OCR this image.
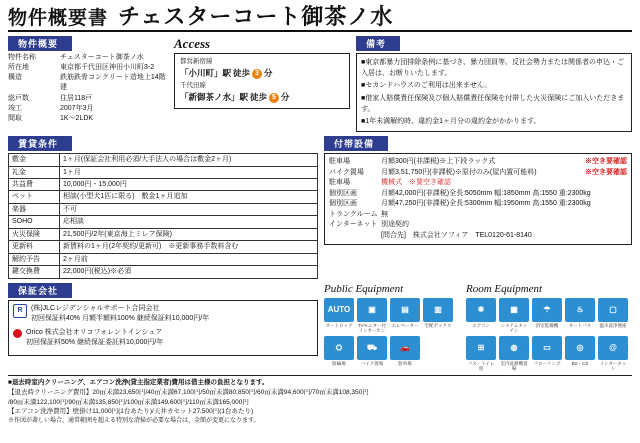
物件概要書 チェスターコート御茶ノ水
物件概要
物件名称	チェスターコート御茶ノ水
所在地	東京都千代田区神田小川町3-2
構造	鉄筋鉄骨コンクリート造地上14階建
総戸数	住居118戸
竣工	2007年3月
間取	1K～2LDK
Access
都営新宿線
「小川町」駅 徒歩 3 分
千代田線
「新御茶ノ水」駅 徒歩 5 分
備考
■東京都暴力団排除条例に基づき、暴力団員等、反社会勢力または関係者の申込・ご入居は、お断りいたします。
■セカンドハウスのご利用は出来ません。
■借家人賠償責任保険及び個人賠償責任保険を付帯した火災保険にご加入いただきます。
■1年未満解約時、違約金1ヶ月分の違約金がかかります。
賃貸条件
敷金	1ヶ月(保証会社利用必須/大手法人の場合は敷金2ヶ月)
礼金	1ヶ月
共益費	10,000円・15,000円
ペット	相談(小型犬1匹に限る)　敷金1ヶ月追加
楽器	不可
SOHO	応相談
火災保険	21,500円/2年(東京海上ミレア保険)
更新料	新賃料の1ヶ月(2年契約/更新可)　※更新事務手数料含む
解約予告	2ヶ月前
鍵交換費	22,000円(税込)※必須
付帯設備
駐車場	月額300円(非課税)※上下段ラック式	※空き要確認
バイク置場	月額3,51,750円(非課税)※原付のみ(屋内置可能料)	※空き要確認
駐車場	機械式　※要空き確認
個別区画	月額42,000円(非課税)全長:5050mm 幅:1850mm 高:1550 重:2300kg
個別区画	月額47,250円(非課税)全長:5300mm 幅:1950mm 高:1550 重:2300kg
トランクルーム 無
インターネット 別途契約
[問合先]　株式会社ソフィア　TEL0120-61-8140
保証会社
R	(株)JLCレジデンシャルサポート合同会社
初回保証料40% 月額半額料100% 継続保証料10,000円/年
Orico 株式会社オリコフォレントインシュア
初回保証料50% 継続保証委託料10,000円/年
Public Equipment
AUTO
オートロック
▣
TVモニター付インターホン
▤
エレベーター
▥
宅配ボックス
⛭
駐輪場
⛟
バイク置場
🚗
駐車場
Room Equipment
❅
エアコン
▦
システムキッチン
☂
浴室乾燥機
♨
オートバス
▢
温水洗浄便座
⊞
バス・トイレ別
◍
室内洗濯機置場
▭
フローリング
◎
BS・CS
@
インターネット
■退去時室内クリーニング、エアコン洗浄(貸主指定業者)費用は借主様の負担となります。
【退去時クリーニング費用】20㎡未満23,650円/40㎡未満67,100円/50㎡未満80,850円/60㎡未満94,600円/70㎡未満108,350円
/80㎡未満122,100円/90㎡未満135,850円/100㎡未満149,600円/110㎡未満165,000円
【エアコン洗浄費用】壁掛け11,000円(1台あたり)/天井カセット27,500円(1台あたり)
※作図が著しい場合、通常範囲を超える特別な清掃が必要な場合は、金額が変更になります。
